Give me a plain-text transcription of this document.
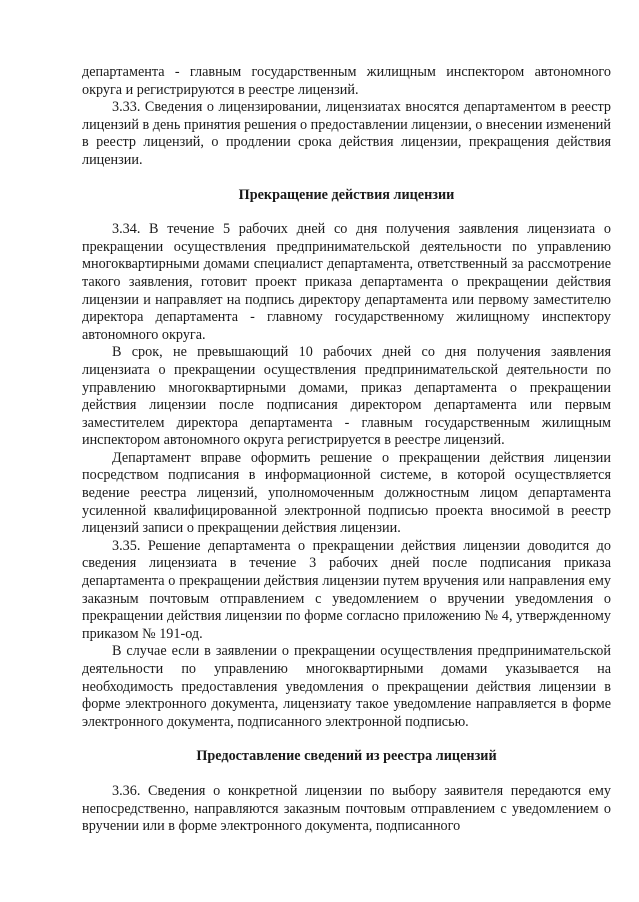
департамента - главным государственным жилищным инспектором автономного округа и регистрируются в реестре лицензий.

3.33. Сведения о лицензировании, лицензиатах вносятся департаментом в реестр лицензий в день принятия решения о предоставлении лицензии, о внесении изменений в реестр лицензий, о продлении срока действия лицензии, прекращения действия лицензии.

Прекращение действия лицензии

3.34. В течение 5 рабочих дней со дня получения заявления лицензиата о прекращении осуществления предпринимательской деятельности по управлению многоквартирными домами специалист департамента, ответственный за рассмотрение такого заявления, готовит проект приказа департамента о прекращении действия лицензии и направляет на подпись директору департамента или первому заместителю директора департамента - главному государственному жилищному инспектору автономного округа.

В срок, не превышающий 10 рабочих дней со дня получения заявления лицензиата о прекращении осуществления предпринимательской деятельности по управлению многоквартирными домами, приказ департамента о прекращении действия лицензии после подписания директором департамента или первым заместителем директора департамента - главным государственным жилищным инспектором автономного округа регистрируется в реестре лицензий.

Департамент вправе оформить решение о прекращении действия лицензии посредством подписания в информационной системе, в которой осуществляется ведение реестра лицензий, уполномоченным должностным лицом департамента усиленной квалифицированной электронной подписью проекта вносимой в реестр лицензий записи о прекращении действия лицензии.

3.35. Решение департамента о прекращении действия лицензии доводится до сведения лицензиата в течение 3 рабочих дней после подписания приказа департамента о прекращении действия лицензии путем вручения или направления ему заказным почтовым отправлением с уведомлением о вручении уведомления о прекращении действия лицензии по форме согласно приложению № 4, утвержденному приказом № 191-од.

В случае если в заявлении о прекращении осуществления предпринимательской деятельности по управлению многоквартирными домами указывается на необходимость предоставления уведомления о прекращении действия лицензии в форме электронного документа, лицензиату такое уведомление направляется в форме электронного документа, подписанного электронной подписью.

Предоставление сведений из реестра лицензий

3.36. Сведения о конкретной лицензии по выбору заявителя передаются ему непосредственно, направляются заказным почтовым отправлением с уведомлением о вручении или в форме электронного документа, подписанного
